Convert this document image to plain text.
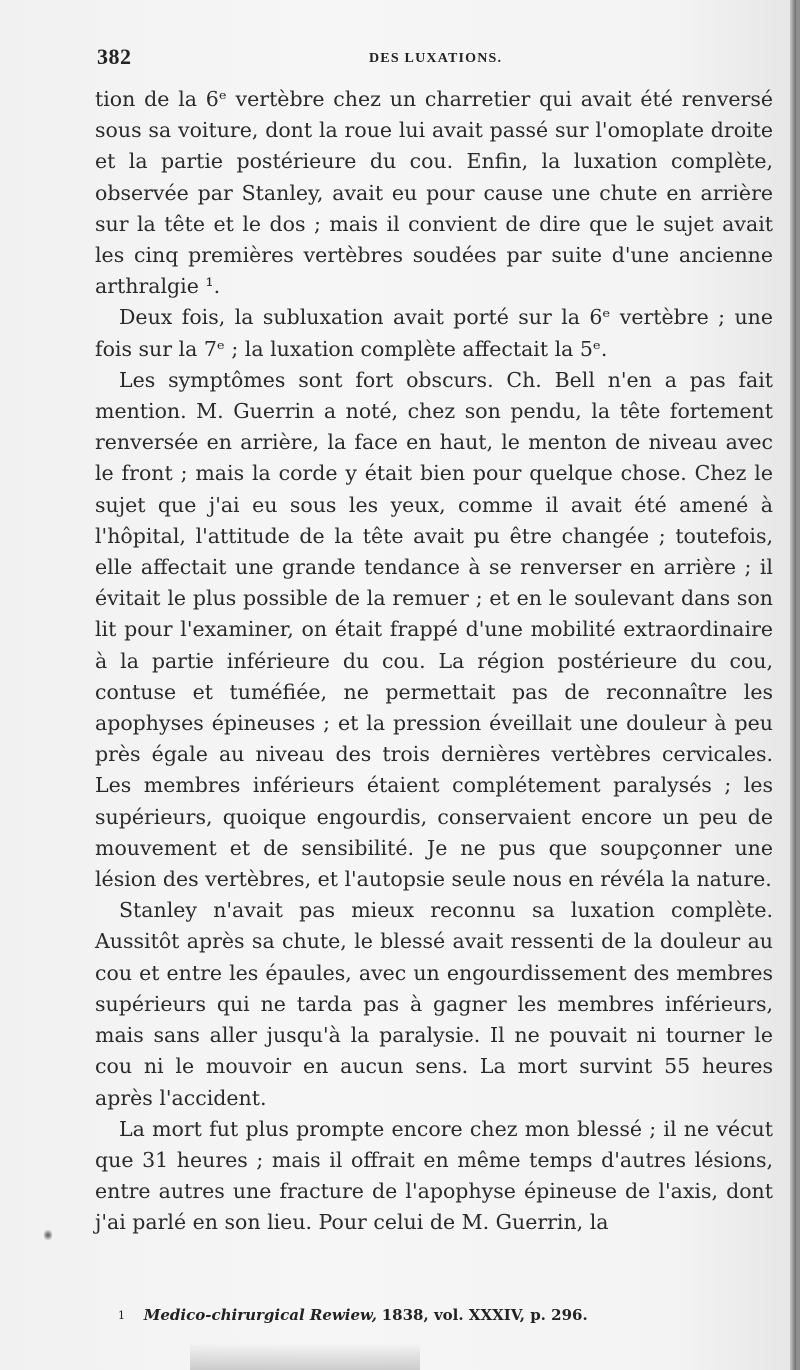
382	DES LUXATIONS.

tion de la 6ᵉ vertèbre chez un charretier qui avait été renversé sous sa voiture, dont la roue lui avait passé sur l'omoplate droite et la partie postérieure du cou. Enfin, la luxation complète, observée par Stanley, avait eu pour cause une chute en arrière sur la tête et le dos ; mais il convient de dire que le sujet avait les cinq premières vertèbres soudées par suite d'une ancienne arthralgie ¹.

Deux fois, la subluxation avait porté sur la 6ᵉ vertèbre ; une fois sur la 7ᵉ ; la luxation complète affectait la 5ᵉ.

Les symptômes sont fort obscurs. Ch. Bell n'en a pas fait mention. M. Guerrin a noté, chez son pendu, la tête fortement renversée en arrière, la face en haut, le menton de niveau avec le front ; mais la corde y était bien pour quelque chose. Chez le sujet que j'ai eu sous les yeux, comme il avait été amené à l'hôpital, l'attitude de la tête avait pu être changée ; toutefois, elle affectait une grande tendance à se renverser en arrière ; il évitait le plus possible de la remuer ; et en le soulevant dans son lit pour l'examiner, on était frappé d'une mobilité extraordinaire à la partie inférieure du cou. La région postérieure du cou, contuse et tuméfiée, ne permettait pas de reconnaître les apophyses épineuses ; et la pression éveillait une douleur à peu près égale au niveau des trois dernières vertèbres cervicales. Les membres inférieurs étaient complétement paralysés ; les supérieurs, quoique engourdis, conservaient encore un peu de mouvement et de sensibilité. Je ne pus que soupçonner une lésion des vertèbres, et l'autopsie seule nous en révéla la nature.

Stanley n'avait pas mieux reconnu sa luxation complète. Aussitôt après sa chute, le blessé avait ressenti de la douleur au cou et entre les épaules, avec un engourdissement des membres supérieurs qui ne tarda pas à gagner les membres inférieurs, mais sans aller jusqu'à la paralysie. Il ne pouvait ni tourner le cou ni le mouvoir en aucun sens. La mort survint 55 heures après l'accident.

La mort fut plus prompte encore chez mon blessé ; il ne vécut que 31 heures ; mais il offrait en même temps d'autres lésions, entre autres une fracture de l'apophyse épineuse de l'axis, dont j'ai parlé en son lieu. Pour celui de M. Guerrin, la

1 Medico-chirurgical Rewiew, 1838, vol. XXXIV, p. 296.
